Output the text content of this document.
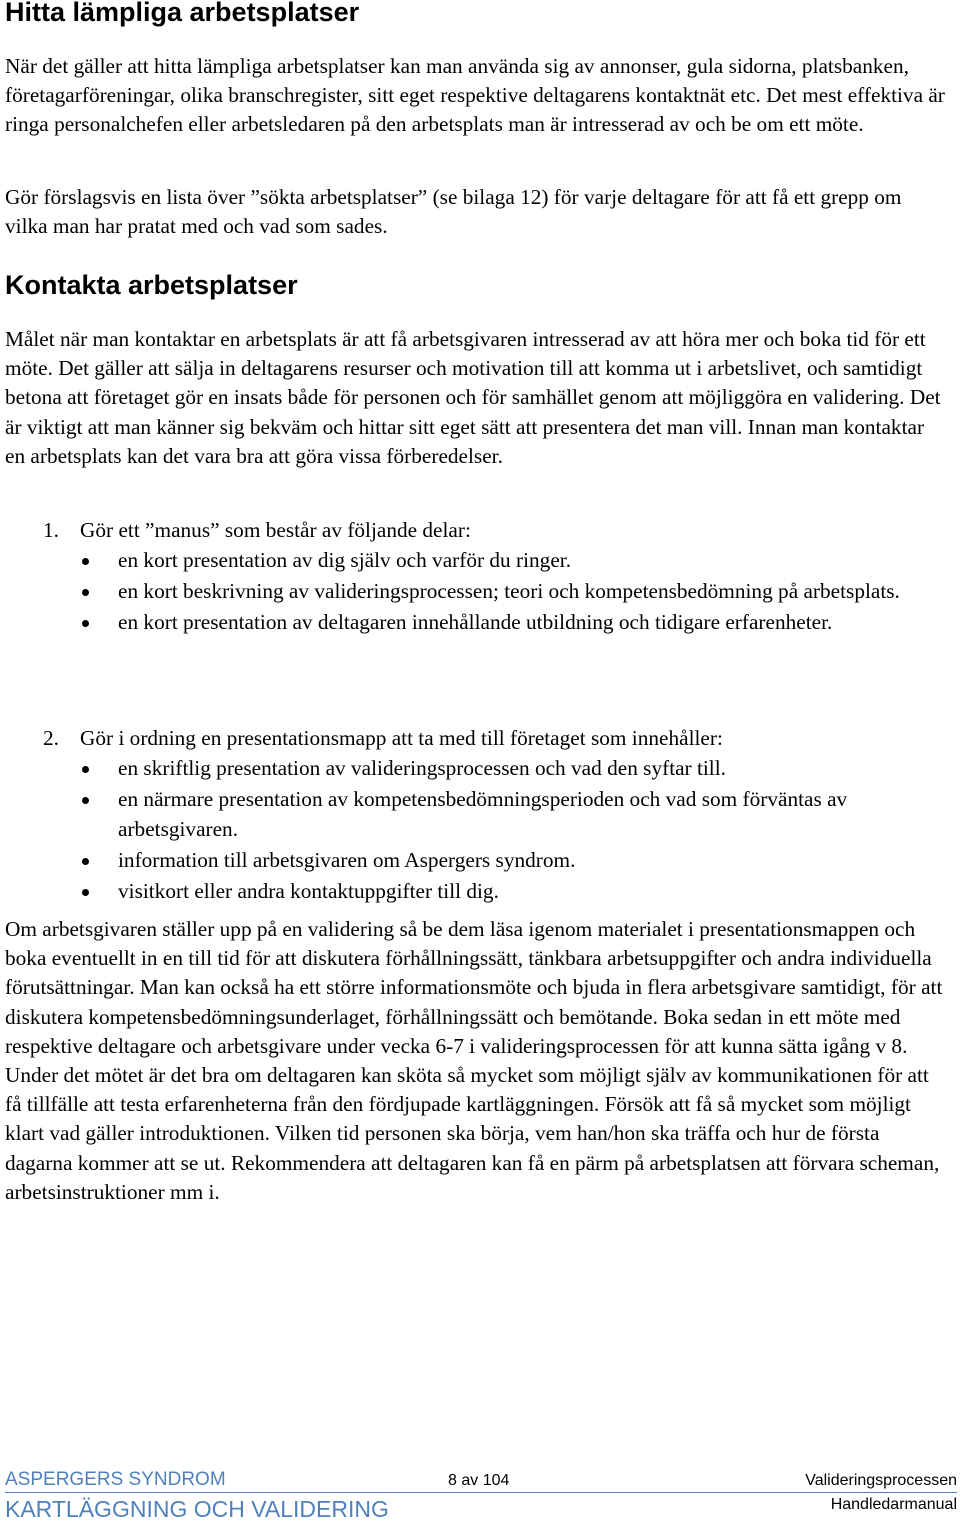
Hitta lämpliga arbetsplatser

När det gäller att hitta lämpliga arbetsplatser kan man använda sig av annonser, gula sidorna, platsbanken, företagarföreningar, olika branschregister, sitt eget respektive deltagarens kontaktnät etc. Det mest effektiva är ringa personalchefen eller arbetsledaren på den arbetsplats man är intresserad av och be om ett möte.

Gör förslagsvis en lista över ”sökta arbetsplatser” (se bilaga 12) för varje deltagare för att få ett grepp om vilka man har pratat med och vad som sades.

Kontakta arbetsplatser

Målet när man kontaktar en arbetsplats är att få arbetsgivaren intresserad av att höra mer och boka tid för ett möte. Det gäller att sälja in deltagarens resurser och motivation till att komma ut i arbetslivet, och samtidigt betona att företaget gör en insats både för personen och för samhället genom att möjliggöra en validering. Det är viktigt att man känner sig bekväm och hittar sitt eget sätt att presentera det man vill. Innan man kontaktar en arbetsplats kan det vara bra att göra vissa förberedelser.

1. Gör ett ”manus” som består av följande delar:
en kort presentation av dig själv och varför du ringer.
en kort beskrivning av valideringsprocessen; teori och kompetensbedömning på arbetsplats.
en kort presentation av deltagaren innehållande utbildning och tidigare erfarenheter.
2. Gör i ordning en presentationsmapp att ta med till företaget som innehåller:
en skriftlig presentation av valideringsprocessen och vad den syftar till.
en närmare presentation av kompetensbedömningsperioden och vad som förväntas av arbetsgivaren.
information till arbetsgivaren om Aspergers syndrom.
visitkort eller andra kontaktuppgifter till dig.

Om arbetsgivaren ställer upp på en validering så be dem läsa igenom materialet i presentationsmappen och boka eventuellt in en till tid för att diskutera förhållningssätt, tänkbara arbetsuppgifter och andra individuella förutsättningar. Man kan också ha ett större informationsmöte och bjuda in flera arbetsgivare samtidigt, för att diskutera kompetensbedömningsunderlaget, förhållningssätt och bemötande. Boka sedan in ett möte med respektive deltagare och arbetsgivare under vecka 6-7 i valideringsprocessen för att kunna sätta igång v 8. Under det mötet är det bra om deltagaren kan sköta så mycket som möjligt själv av kommunikationen för att få tillfälle att testa erfarenheterna från den fördjupade kartläggningen. Försök att få så mycket som möjligt klart vad gäller introduktionen. Vilken tid personen ska börja, vem han/hon ska träffa och hur de första dagarna kommer att se ut. Rekommendera att deltagaren kan få en pärm på arbetsplatsen att förvara scheman, arbetsinstruktioner mm i.

ASPERGERS SYNDROM
KARTLÄGGNING OCH VALIDERING
8 av 104	Valideringsprocessen
Handledarmanual
